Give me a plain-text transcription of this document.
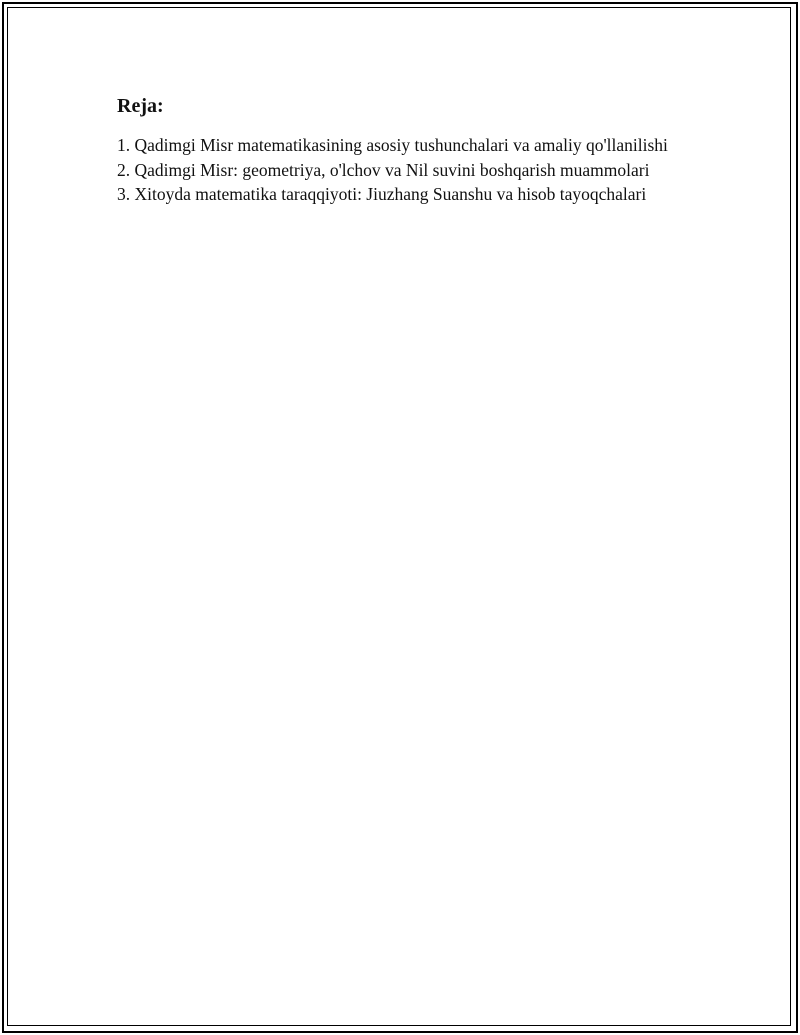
Reja:
1. Qadimgi Misr matematikasining asosiy tushunchalari va amaliy qo'llanilishi
2. Qadimgi Misr: geometriya, o'lchov va Nil suvini boshqarish muammolari
3. Xitoyda matematika taraqqiyoti: Jiuzhang Suanshu va hisob tayoqchalari
